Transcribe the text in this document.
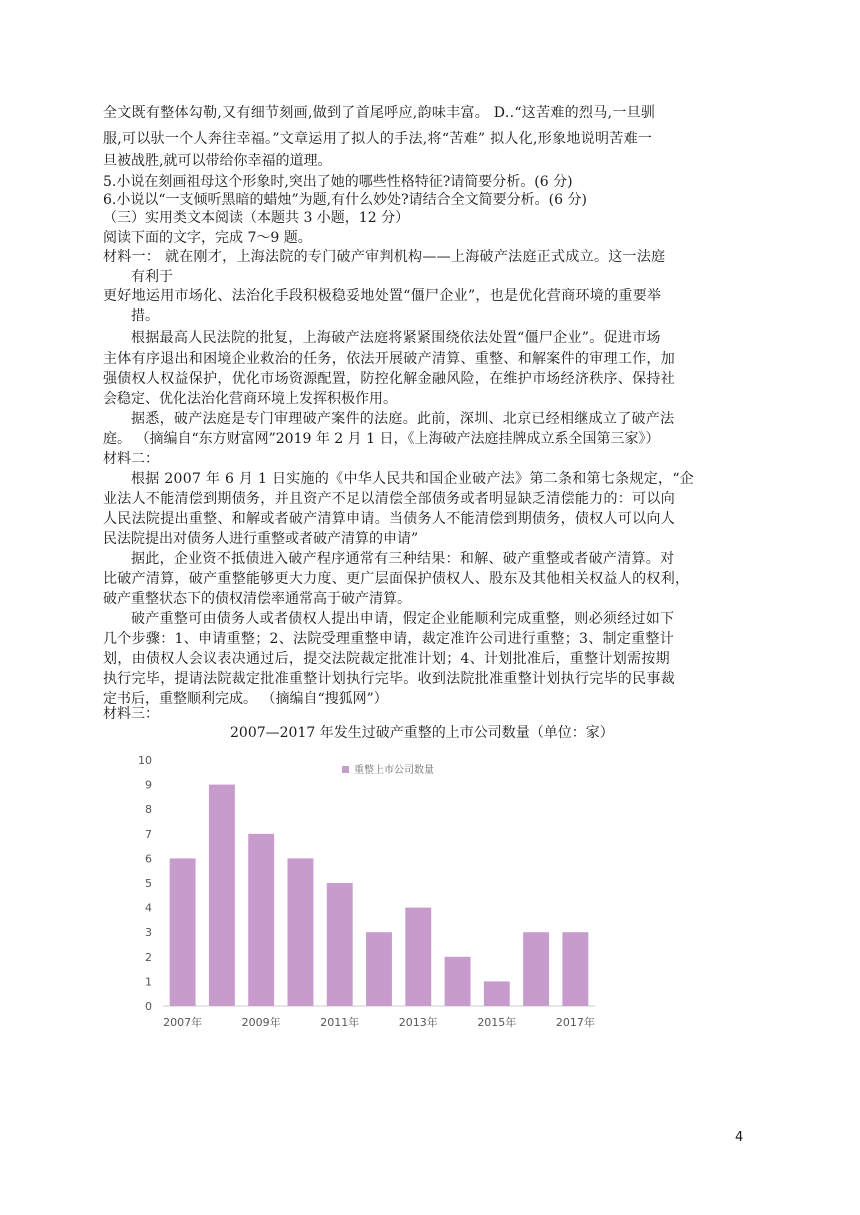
全文既有整体勾勒,又有细节刻画,做到了首尾呼应,韵味丰富。 D..“这苦难的烈马,一旦驯

服,可以驮一个人奔往幸福。”文章运用了拟人的手法,将“苦难” 拟人化,形象地说明苦难一

旦被战胜,就可以带给你幸福的道理。

5.小说在刻画祖母这个形象时,突出了她的哪些性格特征?请简要分析。(6 分)

6.小说以“一支倾听黑暗的蜡烛”为题,有什么妙处?请结合全文简要分析。(6 分)

（三）实用类文本阅读（本题共 3 小题，12 分）

阅读下面的文字，完成 7～9 题。

材料一： 就在刚才，上海法院的专门破产审判机构——上海破产法庭正式成立。这一法庭

有利于

更好地运用市场化、法治化手段积极稳妥地处置“僵尸企业”，也是优化营商环境的重要举

措。

根据最高人民法院的批复，上海破产法庭将紧紧围绕依法处置“僵尸企业”。促进市场

主体有序退出和困境企业救治的任务，依法开展破产清算、重整、和解案件的审理工作，加

强债权人权益保护，优化市场资源配置，防控化解金融风险，在维护市场经济秩序、保持社

会稳定、优化法治化营商环境上发挥积极作用。

据悉，破产法庭是专门审理破产案件的法庭。此前，深圳、北京已经相继成立了破产法

庭。 （摘编自“东方财富网”2019 年 2 月 1 日，《上海破产法庭挂牌成立系全国第三家》）

材料二：

根据 2007 年 6 月 1 日实施的《中华人民共和国企业破产法》第二条和第七条规定，“企

业法人不能清偿到期债务，并且资产不足以清偿全部债务或者明显缺乏清偿能力的：可以向

人民法院提出重整、和解或者破产清算申请。当债务人不能清偿到期债务，债权人可以向人

民法院提出对债务人进行重整或者破产清算的申请”

据此，企业资不抵债进入破产程序通常有三种结果：和解、破产重整或者破产清算。对

比破产清算，破产重整能够更大力度、更广层面保护债权人、股东及其他相关权益人的权利，

破产重整状态下的债权清偿率通常高于破产清算。

破产重整可由债务人或者债权人提出申请，假定企业能顺利完成重整，则必须经过如下

几个步骤：1、申请重整；2、法院受理重整申请，裁定准许公司进行重整；3、制定重整计

划，由债权人会议表决通过后，提交法院裁定批准计划；4、计划批准后，重整计划需按期

执行完毕，提请法院裁定批准重整计划执行完毕。收到法院批准重整计划执行完毕的民事裁

定书后，重整顺利完成。 （摘编自“搜狐网”）

材料三：

2007—2017 年发生过破产重整的上市公司数量（单位：家）
0
1
2
3
4
5
6
7
8
9
10
2007年	2009年	2011年	2013年	2015年	2017年
重整上市公司数量
4
